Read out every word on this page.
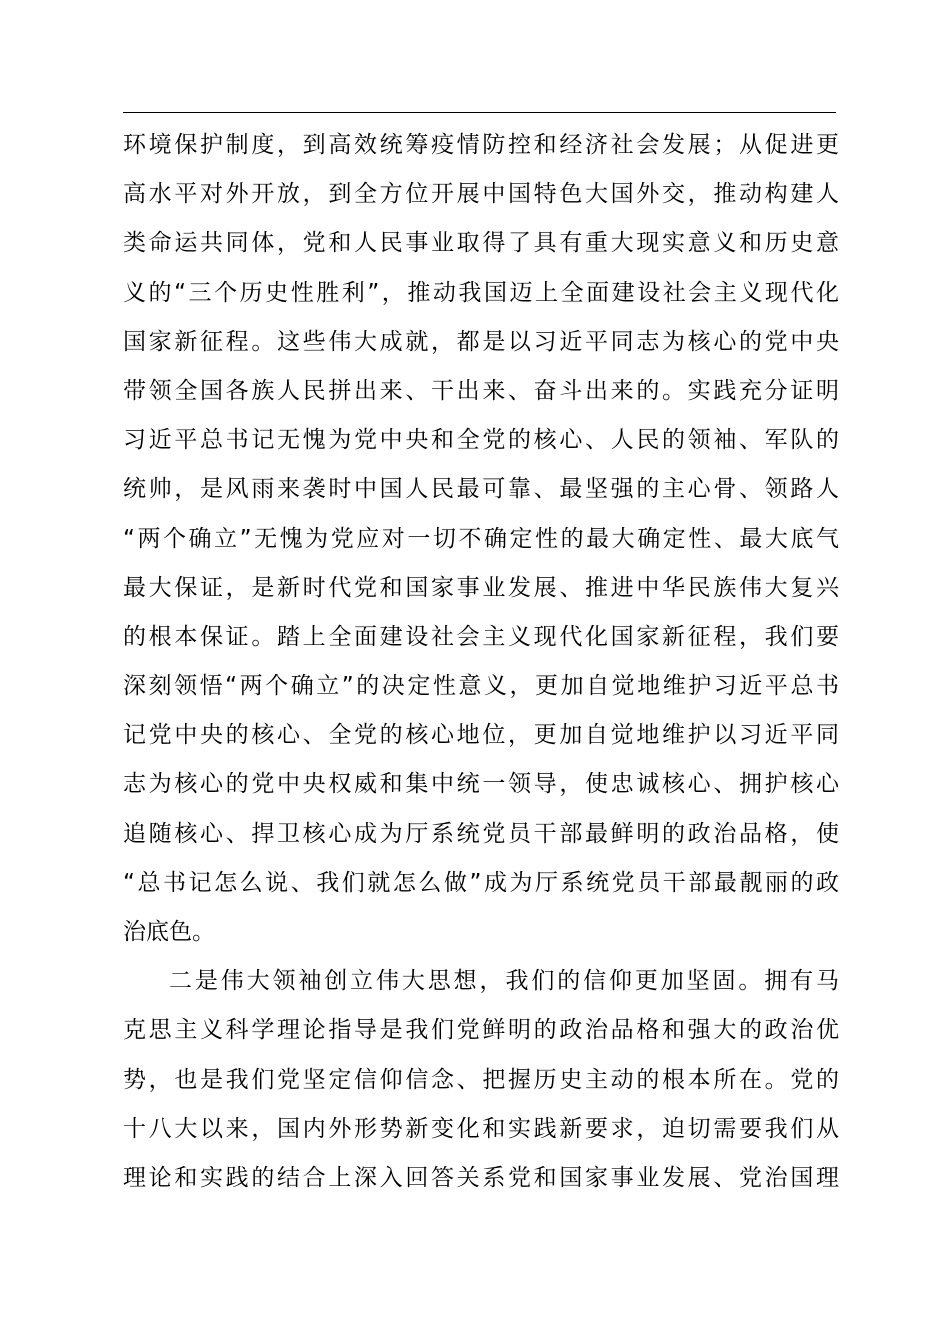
环境保护制度，到高效统筹疫情防控和经济社会发展；从促进更
高水平对外开放，到全方位开展中国特色大国外交，推动构建人
类命运共同体，党和人民事业取得了具有重大现实意义和历史意
义的“三个历史性胜利”，推动我国迈上全面建设社会主义现代化
国家新征程。这些伟大成就，都是以习近平同志为核心的党中央
带领全国各族人民拼出来、干出来、奋斗出来的。实践充分证明
习近平总书记无愧为党中央和全党的核心、人民的领袖、军队的
统帅，是风雨来袭时中国人民最可靠、最坚强的主心骨、领路人
“两个确立”无愧为党应对一切不确定性的最大确定性、最大底气
最大保证，是新时代党和国家事业发展、推进中华民族伟大复兴
的根本保证。踏上全面建设社会主义现代化国家新征程，我们要
深刻领悟“两个确立”的决定性意义，更加自觉地维护习近平总书
记党中央的核心、全党的核心地位，更加自觉地维护以习近平同
志为核心的党中央权威和集中统一领导，使忠诚核心、拥护核心
追随核心、捍卫核心成为厅系统党员干部最鲜明的政治品格，使
“总书记怎么说、我们就怎么做”成为厅系统党员干部最靓丽的政
治底色。
二是伟大领袖创立伟大思想，我们的信仰更加坚固。拥有马
克思主义科学理论指导是我们党鲜明的政治品格和强大的政治优
势，也是我们党坚定信仰信念、把握历史主动的根本所在。党的
十八大以来，国内外形势新变化和实践新要求，迫切需要我们从
理论和实践的结合上深入回答关系党和国家事业发展、党治国理
